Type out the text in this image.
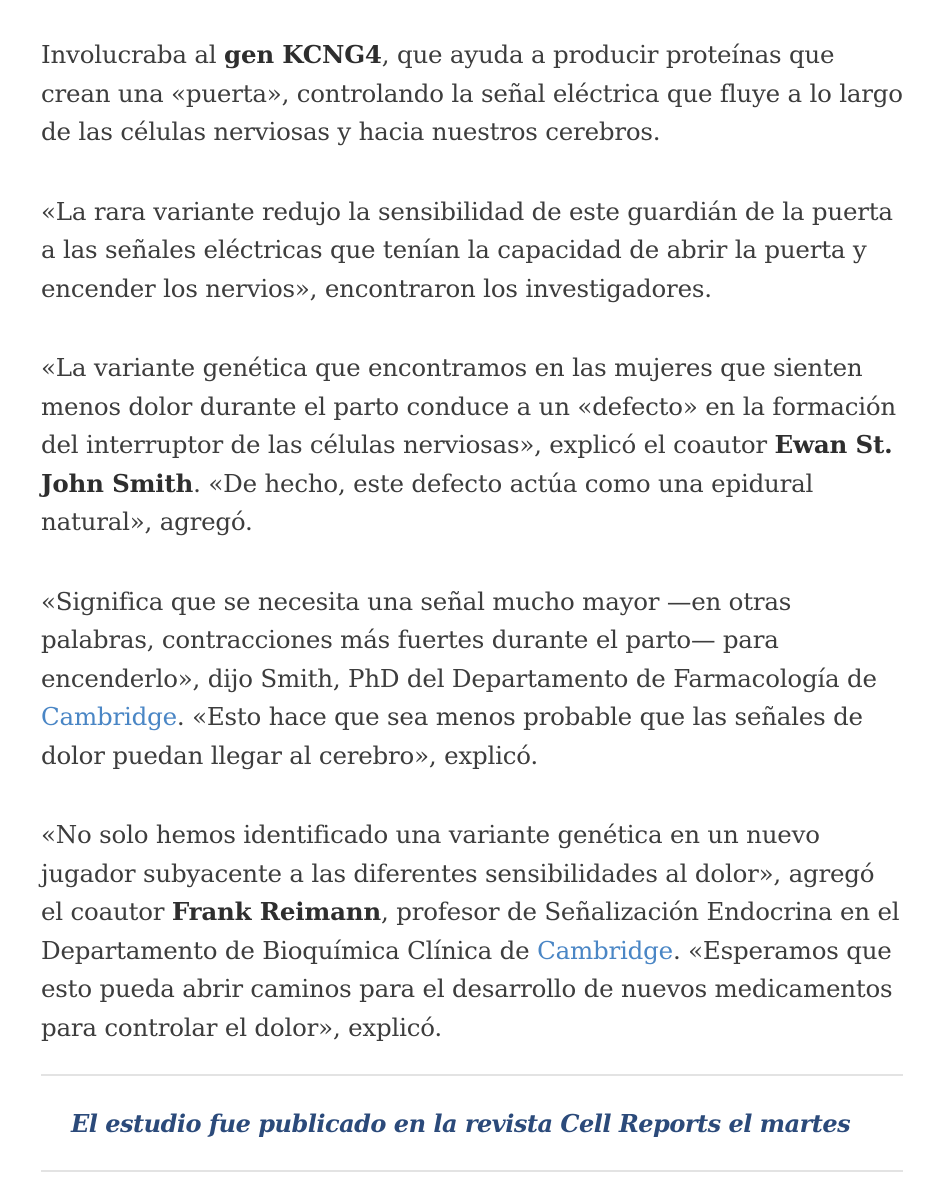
Involucraba al gen KCNG4, que ayuda a producir proteínas que crean una «puerta», controlando la señal eléctrica que fluye a lo largo de las células nerviosas y hacia nuestros cerebros.

«La rara variante redujo la sensibilidad de este guardián de la puerta a las señales eléctricas que tenían la capacidad de abrir la puerta y encender los nervios», encontraron los investigadores.

«La variante genética que encontramos en las mujeres que sienten menos dolor durante el parto conduce a un «defecto» en la formación del interruptor de las células nerviosas», explicó el coautor Ewan St. John Smith. «De hecho, este defecto actúa como una epidural natural», agregó.

«Significa que se necesita una señal mucho mayor —en otras palabras, contracciones más fuertes durante el parto— para encenderlo», dijo Smith, PhD del Departamento de Farmacología de Cambridge. «Esto hace que sea menos probable que las señales de dolor puedan llegar al cerebro», explicó.

«No solo hemos identificado una variante genética en un nuevo jugador subyacente a las diferentes sensibilidades al dolor», agregó el coautor Frank Reimann, profesor de Señalización Endocrina en el Departamento de Bioquímica Clínica de Cambridge. «Esperamos que esto pueda abrir caminos para el desarrollo de nuevos medicamentos para controlar el dolor», explicó.

El estudio fue publicado en la revista Cell Reports el martes
